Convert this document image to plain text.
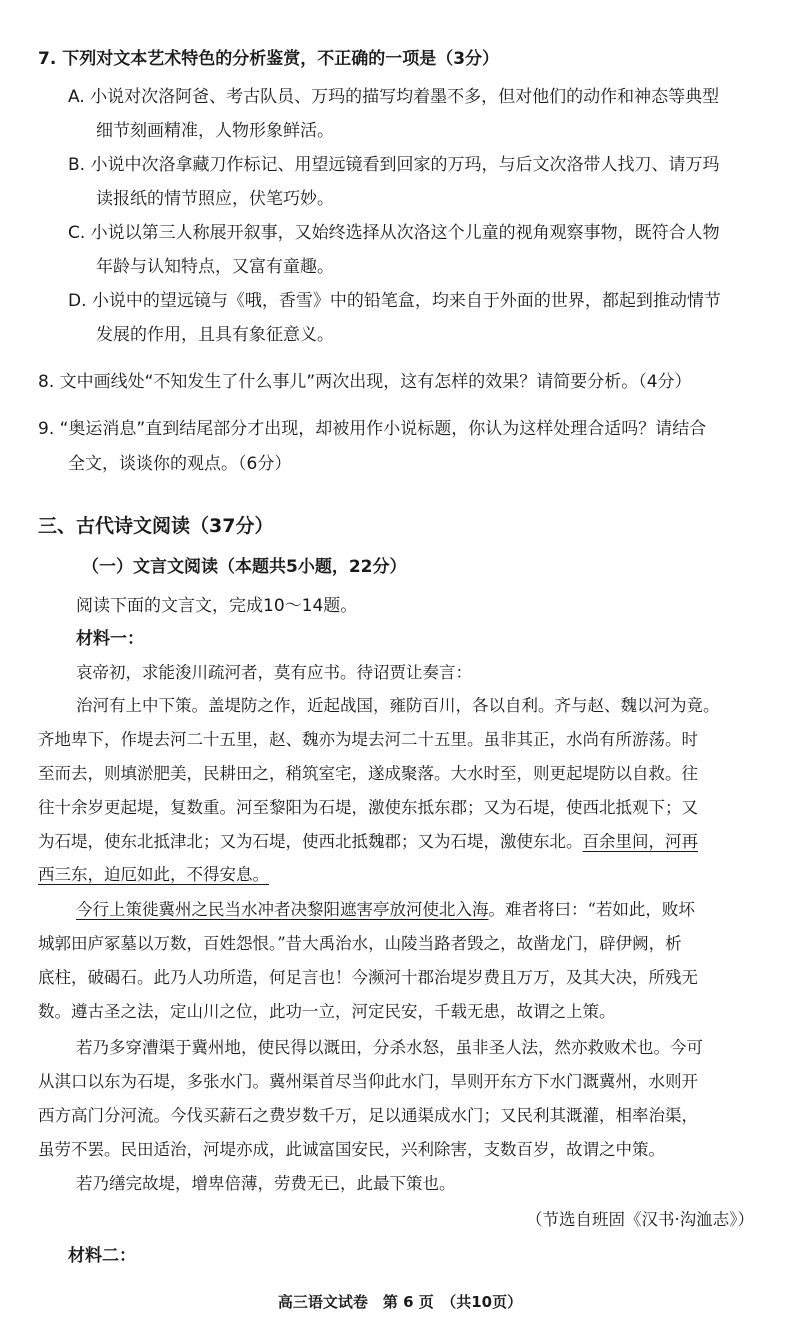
7. 下列对文本艺术特色的分析鉴赏，不正确的一项是（3分）
A. 小说对次洛阿爸、考古队员、万玛的描写均着墨不多，但对他们的动作和神态等典型
细节刻画精准，人物形象鲜活。
B. 小说中次洛拿藏刀作标记、用望远镜看到回家的万玛，与后文次洛带人找刀、请万玛
读报纸的情节照应，伏笔巧妙。
C. 小说以第三人称展开叙事，又始终选择从次洛这个儿童的视角观察事物，既符合人物
年龄与认知特点，又富有童趣。
D. 小说中的望远镜与《哦，香雪》中的铅笔盒，均来自于外面的世界，都起到推动情节
发展的作用，且具有象征意义。
8. 文中画线处“不知发生了什么事儿”两次出现，这有怎样的效果？请简要分析。（4分）
9. “奥运消息”直到结尾部分才出现，却被用作小说标题，你认为这样处理合适吗？请结合
全文，谈谈你的观点。（6分）
三、古代诗文阅读（37分）
（一）文言文阅读（本题共5小题，22分）
阅读下面的文言文，完成10～14题。
材料一：
哀帝初，求能浚川疏河者，莫有应书。待诏贾让奏言：
治河有上中下策。盖堤防之作，近起战国，雍防百川，各以自利。齐与赵、魏以河为竟。
齐地卑下，作堤去河二十五里，赵、魏亦为堤去河二十五里。虽非其正，水尚有所游荡。时
至而去，则填淤肥美，民耕田之，稍筑室宅，遂成聚落。大水时至，则更起堤防以自救。往
往十余岁更起堤，复数重。河至黎阳为石堤，激使东抵东郡；又为石堤，使西北抵观下；又
为石堤，使东北抵津北；又为石堤，使西北抵魏郡；又为石堤，激使东北。百余里间，河再
西三东，迫厄如此，不得安息。
今行上策徙冀州之民当水冲者决黎阳遮害亭放河使北入海。难者将曰：“若如此，败坏
城郭田庐冢墓以万数，百姓怨恨。”昔大禹治水，山陵当路者毁之，故凿龙门，辟伊阙，析
底柱，破碣石。此乃人功所造，何足言也！今濒河十郡治堤岁费且万万，及其大决，所残无
数。遵古圣之法，定山川之位，此功一立，河定民安，千载无患，故谓之上策。
若乃多穿漕渠于冀州地，使民得以溉田，分杀水怒，虽非圣人法，然亦救败术也。今可
从淇口以东为石堤，多张水门。冀州渠首尽当仰此水门，旱则开东方下水门溉冀州，水则开
西方高门分河流。今伐买薪石之费岁数千万，足以通渠成水门；又民利其溉灌，相率治渠，
虽劳不罢。民田适治，河堤亦成，此诚富国安民，兴利除害，支数百岁，故谓之中策。
若乃缮完故堤，增卑倍薄，劳费无已，此最下策也。
（节选自班固《汉书·沟洫志》）
材料二：
高三语文试卷　第 6 页　（共10页）
